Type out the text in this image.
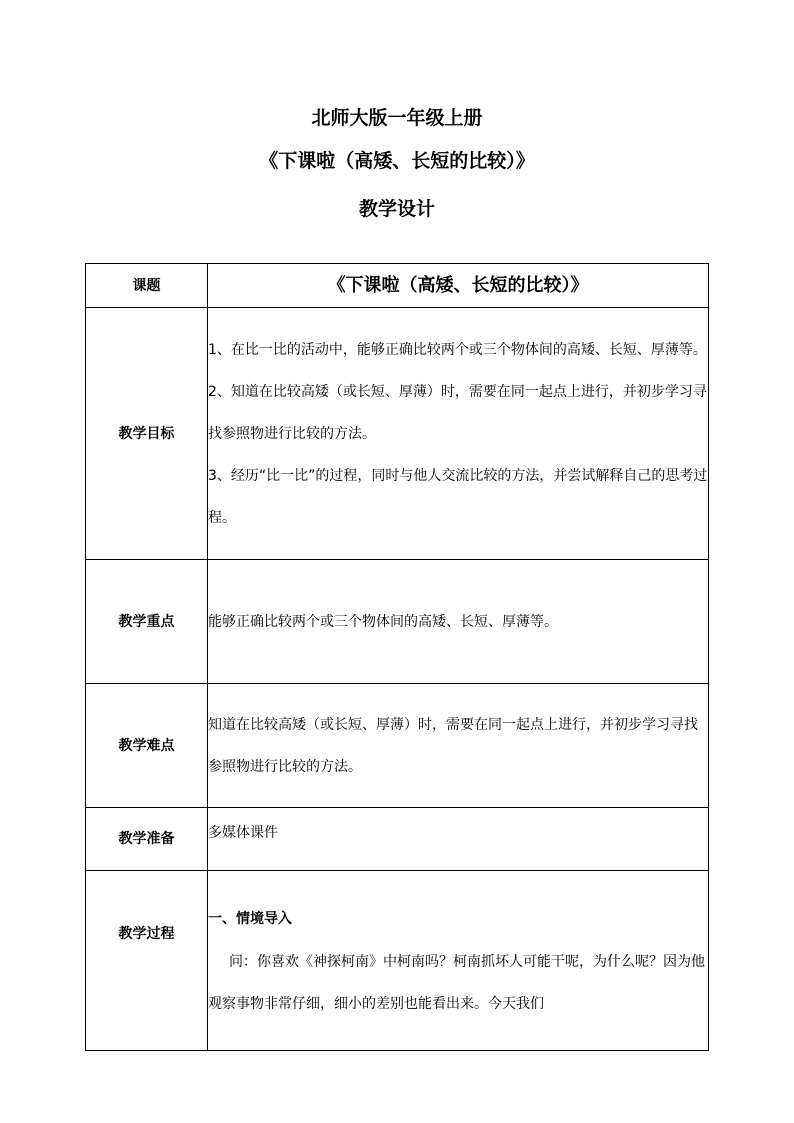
北师大版一年级上册
《下课啦（高矮、长短的比较）》
教学设计
课题	《下课啦（高矮、长短的比较）》
教学目标	1、在比一比的活动中，能够正确比较两个或三个物体间的高矮、长短、厚薄等。
2、知道在比较高矮（或长短、厚薄）时，需要在同一起点上进行，并初步学习寻找参照物进行比较的方法。
3、经历“比一比”的过程，同时与他人交流比较的方法，并尝试解释自己的思考过程。

教学重点	能够正确比较两个或三个物体间的高矮、长短、厚薄等。
教学难点	知道在比较高矮（或长短、厚薄）时，需要在同一起点上进行，并初步学习寻找参照物进行比较的方法。

教学准备	多媒体课件

教学过程	一、情境导入
问：你喜欢《神探柯南》中柯南吗？柯南抓坏人可能干呢，为什么呢？因为他观察事物非常仔细，细小的差别也能看出来。今天我们
